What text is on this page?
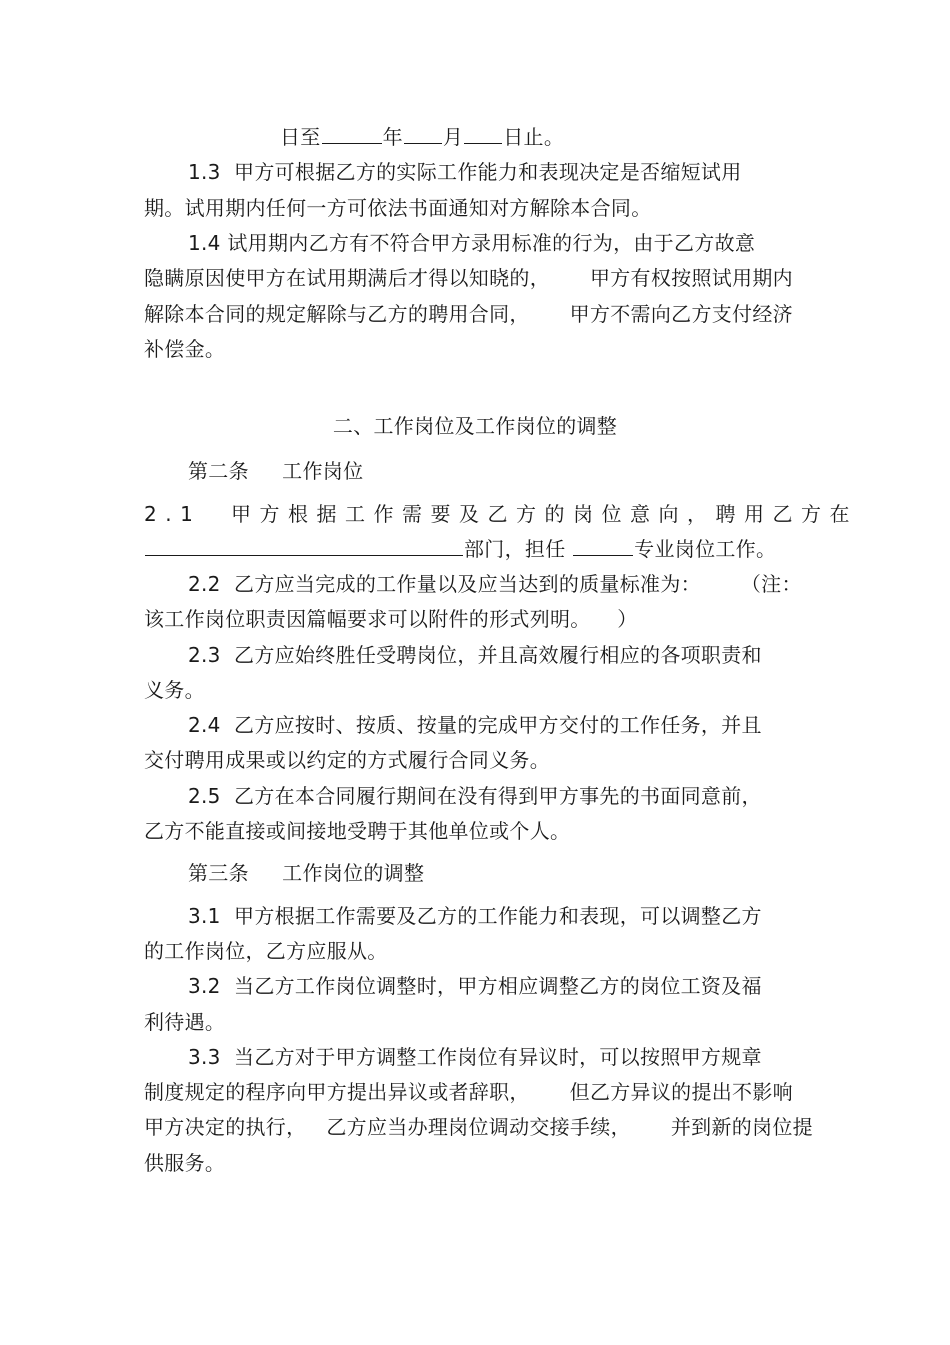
日至	年 月 日止。
1.3  甲方可根据乙方的实际工作能力和表现决定是否缩短试用
期。试用期内任何一方可依法书面通知对方解除本合同。
1.4 试用期内乙方有不符合甲方录用标准的行为，由于乙方故意
隐瞒原因使甲方在试用期满后才得以知晓的，      甲方有权按照试用期内
解除本合同的规定解除与乙方的聘用合同，      甲方不需向乙方支付经济
补偿金。
二、工作岗位及工作岗位的调整
第二条     工作岗位
2.1  甲方根据工作需要及乙方的岗位意向，聘用乙方在
部门，担任	专业岗位工作。
2.2  乙方应当完成的工作量以及应当达到的质量标准为：      （注：
该工作岗位职责因篇幅要求可以附件的形式列明。    ）
2.3  乙方应始终胜任受聘岗位，并且高效履行相应的各项职责和
义务。
2.4  乙方应按时、按质、按量的完成甲方交付的工作任务，并且
交付聘用成果或以约定的方式履行合同义务。
2.5  乙方在本合同履行期间在没有得到甲方事先的书面同意前，
乙方不能直接或间接地受聘于其他单位或个人。
第三条     工作岗位的调整
3.1  甲方根据工作需要及乙方的工作能力和表现，可以调整乙方
的工作岗位，乙方应服从。
3.2  当乙方工作岗位调整时，甲方相应调整乙方的岗位工资及福
利待遇。
3.3  当乙方对于甲方调整工作岗位有异议时，可以按照甲方规章
制度规定的程序向甲方提出异议或者辞职，      但乙方异议的提出不影响
甲方决定的执行，   乙方应当办理岗位调动交接手续，      并到新的岗位提
供服务。
